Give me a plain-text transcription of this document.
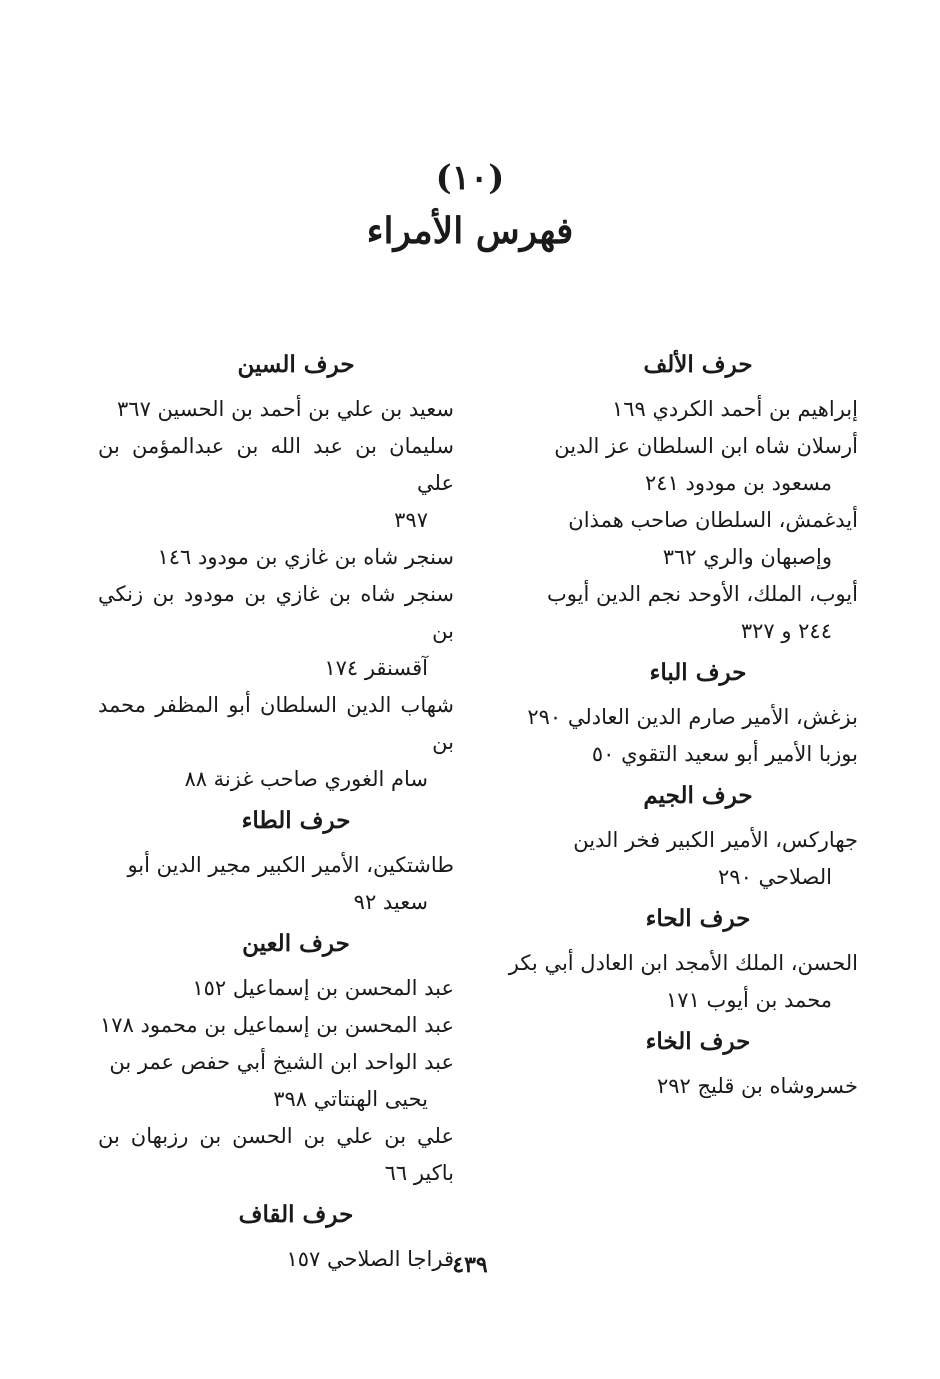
(١٠)
فهرس الأمراء
حرف الألف
إبراهيم بن أحمد الكردي ١٦٩
أرسلان شاه ابن السلطان عز الدين
مسعود بن مودود ٢٤١
أيدغمش، السلطان صاحب همذان
وإصبهان والري ٣٦٢
أيوب، الملك، الأوحد نجم الدين أيوب
٢٤٤ و ٣٢٧
حرف الباء
بزغش، الأمير صارم الدين العادلي ٢٩٠
بوزبا الأمير أبو سعيد التقوي ٥٠
حرف الجيم
جهاركس، الأمير الكبير فخر الدين
الصلاحي ٢٩٠
حرف الحاء
الحسن، الملك الأمجد ابن العادل أبي بكر
محمد بن أيوب ١٧١
حرف الخاء
خسروشاه بن قليج ٢٩٢
حرف السين
سعيد بن علي بن أحمد بن الحسين ٣٦٧
سليمان بن عبد الله بن عبدالمؤمن بن علي
٣٩٧
سنجر شاه بن غازي بن مودود ١٤٦
سنجر شاه بن غازي بن مودود بن زنكي بن
آقسنقر ١٧٤
شهاب الدين السلطان أبو المظفر محمد بن
سام الغوري صاحب غزنة ٨٨
حرف الطاء
طاشتكين، الأمير الكبير مجير الدين أبو
سعيد ٩٢
حرف العين
عبد المحسن بن إسماعيل ١٥٢
عبد المحسن بن إسماعيل بن محمود ١٧٨
عبد الواحد ابن الشيخ أبي حفص عمر بن
يحيى الهنتاتي ٣٩٨
علي بن علي بن الحسن بن رزبهان بن باكير ٦٦
حرف القاف
قراجا الصلاحي ١٥٧
٤٣٩
